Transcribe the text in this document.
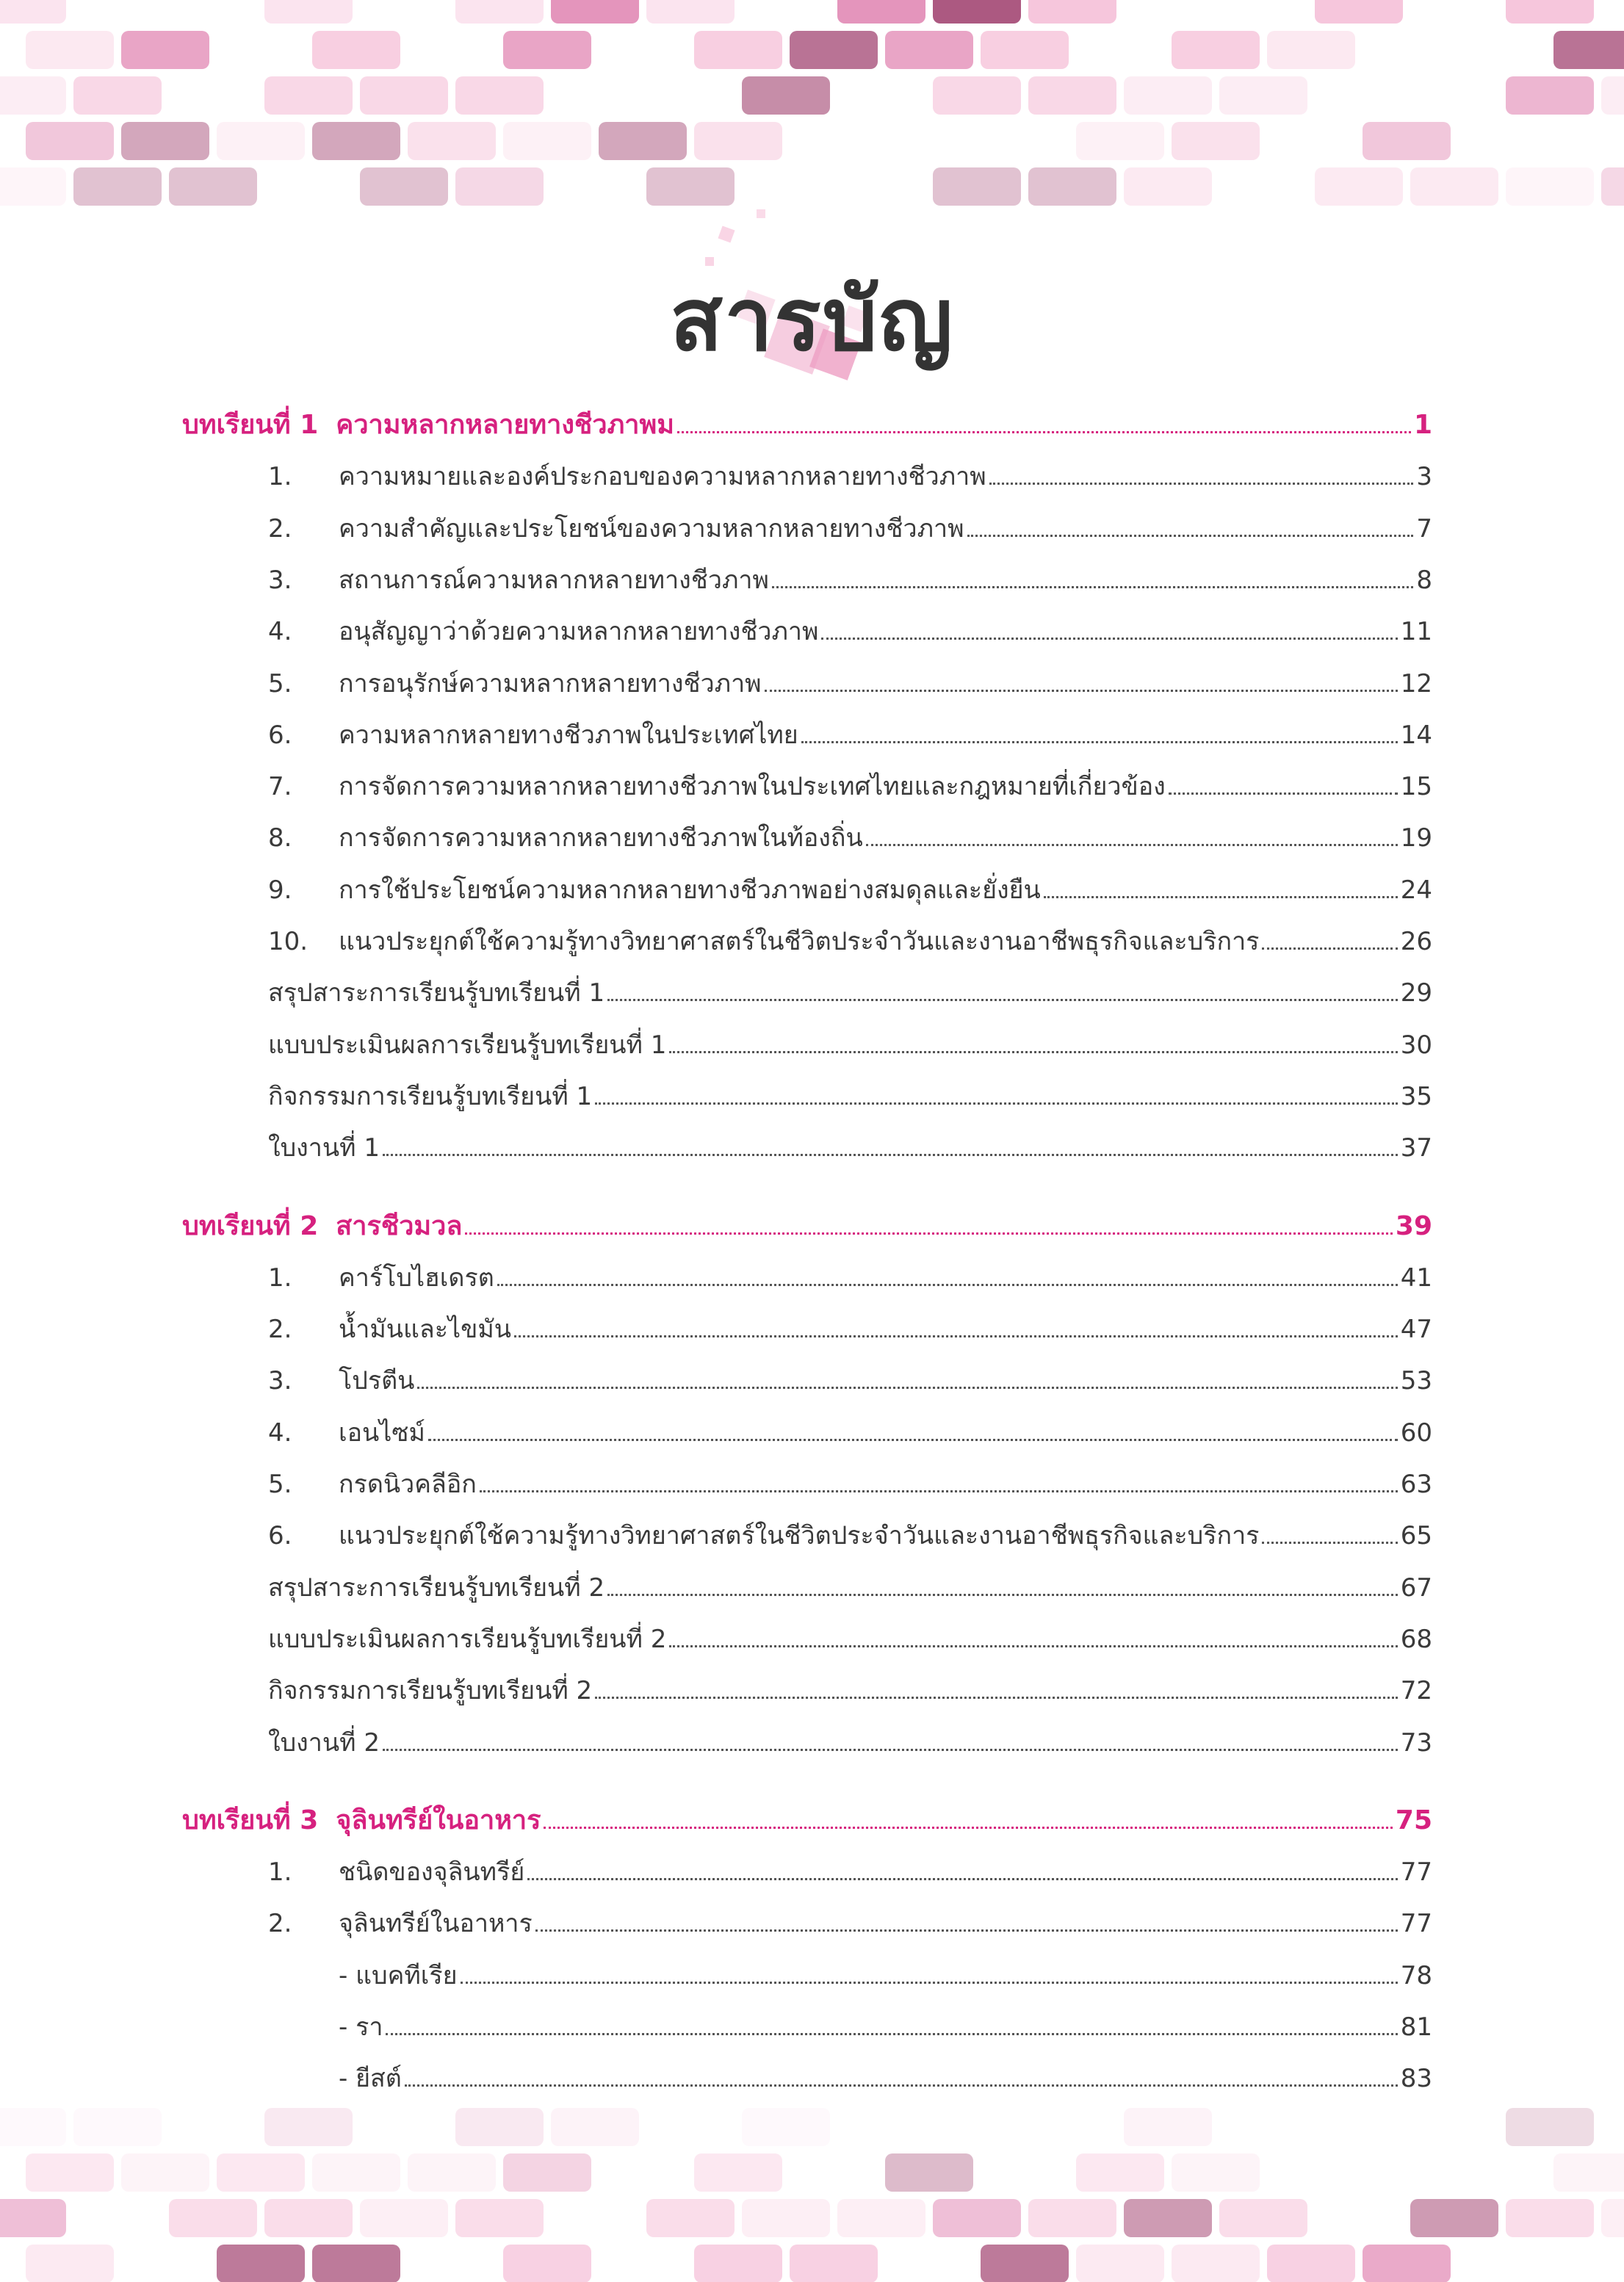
สารบัญ
บทเรียนที่ 1 ความหลากหลายทางชีวภาพม	1
1.	ความหมายและองค์ประกอบของความหลากหลายทางชีวภาพ	3
2.	ความสำคัญและประโยชน์ของความหลากหลายทางชีวภาพ	7
3.	สถานการณ์ความหลากหลายทางชีวภาพ	8
4.	อนุสัญญาว่าด้วยความหลากหลายทางชีวภาพ	11
5.	การอนุรักษ์ความหลากหลายทางชีวภาพ	12
6.	ความหลากหลายทางชีวภาพในประเทศไทย	14
7.	การจัดการความหลากหลายทางชีวภาพในประเทศไทยและกฎหมายที่เกี่ยวข้อง	15
8.	การจัดการความหลากหลายทางชีวภาพในท้องถิ่น	19
9.	การใช้ประโยชน์ความหลากหลายทางชีวภาพอย่างสมดุลและยั่งยืน	24
10.	แนวประยุกต์ใช้ความรู้ทางวิทยาศาสตร์ในชีวิตประจำวันและงานอาชีพธุรกิจและบริการ	26
สรุปสาระการเรียนรู้บทเรียนที่ 1	29
แบบประเมินผลการเรียนรู้บทเรียนที่ 1	30
กิจกรรมการเรียนรู้บทเรียนที่ 1	35
ใบงานที่ 1	37
บทเรียนที่ 2 สารชีวมวล	39
1.	คาร์โบไฮเดรต	41
2.	น้ำมันและไขมัน	47
3.	โปรตีน	53
4.	เอนไซม์	60
5.	กรดนิวคลีอิก	63
6.	แนวประยุกต์ใช้ความรู้ทางวิทยาศาสตร์ในชีวิตประจำวันและงานอาชีพธุรกิจและบริการ	65
สรุปสาระการเรียนรู้บทเรียนที่ 2	67
แบบประเมินผลการเรียนรู้บทเรียนที่ 2	68
กิจกรรมการเรียนรู้บทเรียนที่ 2	72
ใบงานที่ 2	73
บทเรียนที่ 3 จุลินทรีย์ในอาหาร	75
1.	ชนิดของจุลินทรีย์	77
2.	จุลินทรีย์ในอาหาร	77
- แบคทีเรีย	78
- รา	81
- ยีสต์	83
